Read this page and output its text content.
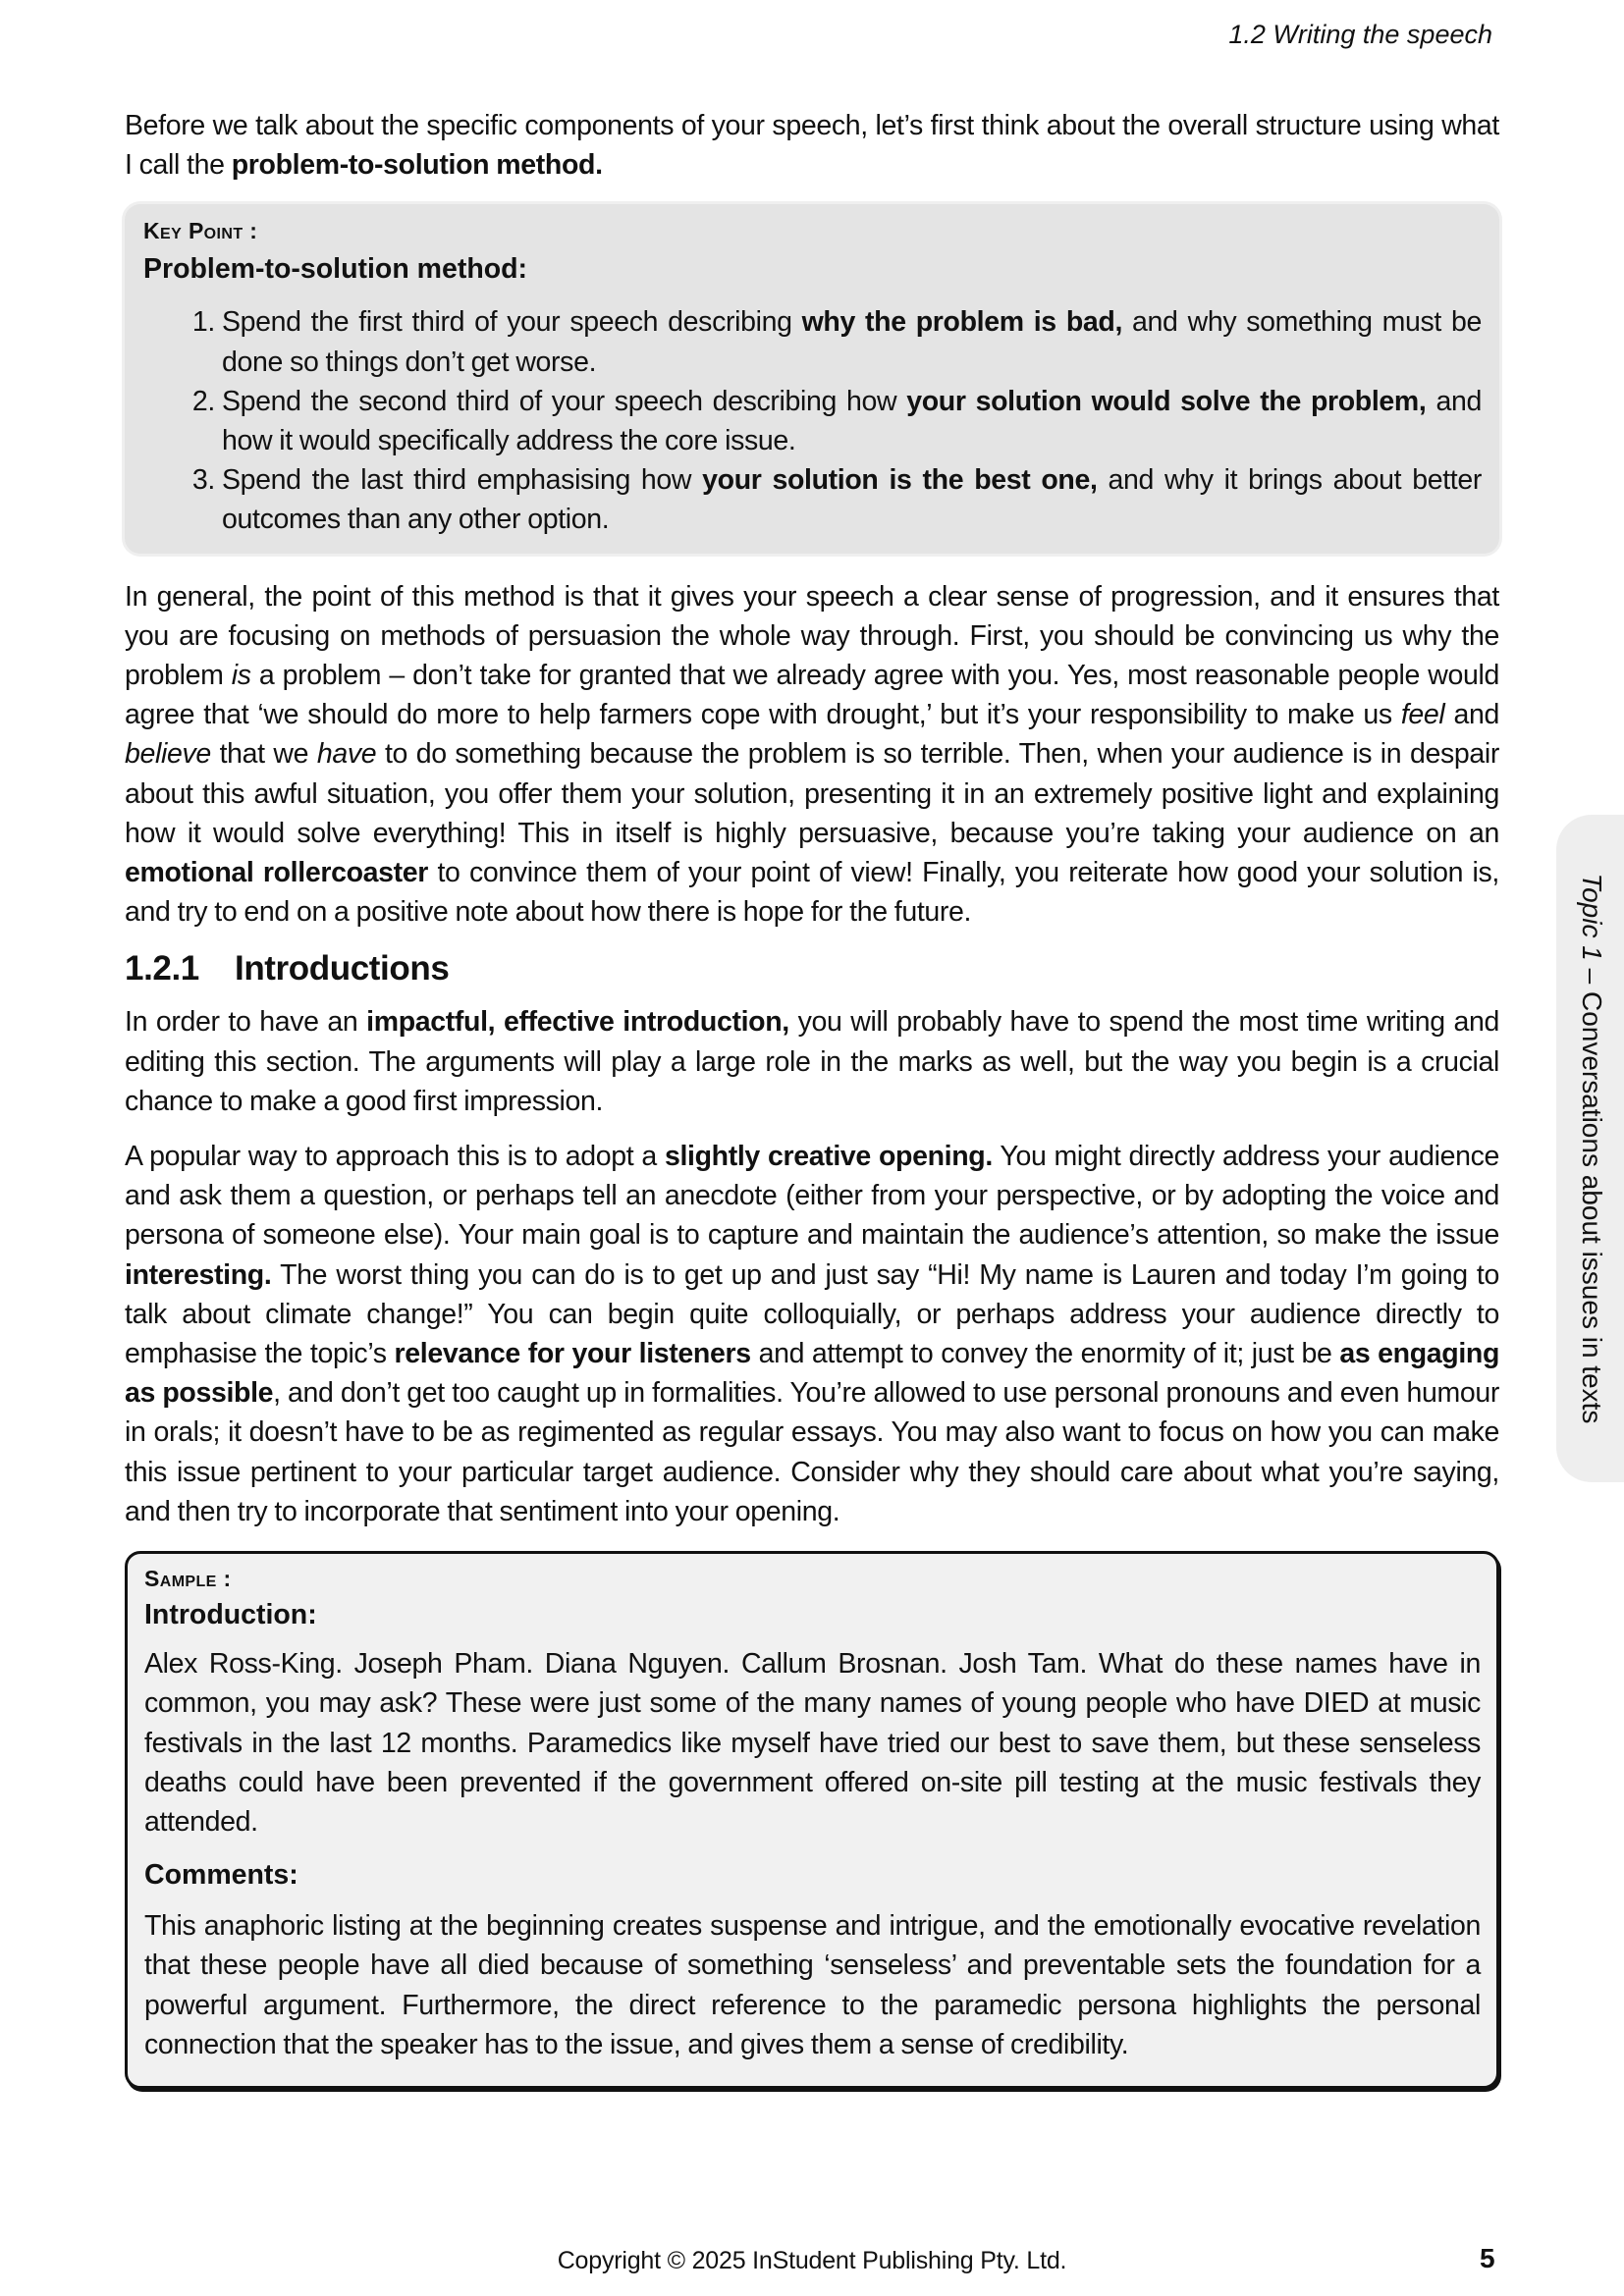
1.2 Writing the speech

Before we talk about the specific components of your speech, let’s first think about the overall structure using what I call the problem-to-solution method.

Key Point :
Problem-to-solution method:
1. Spend the first third of your speech describing why the problem is bad, and why something must be done so things don’t get worse.
2. Spend the second third of your speech describing how your solution would solve the problem, and how it would specifically address the core issue.
3. Spend the last third emphasising how your solution is the best one, and why it brings about better outcomes than any other option.

In general, the point of this method is that it gives your speech a clear sense of progression, and it ensures that you are focusing on methods of persuasion the whole way through. First, you should be convincing us why the problem is a problem – don’t take for granted that we already agree with you. Yes, most reasonable people would agree that ‘we should do more to help farmers cope with drought,’ but it’s your responsibility to make us feel and believe that we have to do something because the problem is so terrible. Then, when your audience is in despair about this awful situation, you offer them your solution, presenting it in an extremely positive light and explaining how it would solve everything! This in itself is highly persuasive, because you’re taking your audience on an emotional rollercoaster to convince them of your point of view! Finally, you reiterate how good your solution is, and try to end on a positive note about how there is hope for the future.

1.2.1 Introductions

In order to have an impactful, effective introduction, you will probably have to spend the most time writing and editing this section. The arguments will play a large role in the marks as well, but the way you begin is a crucial chance to make a good first impression.

A popular way to approach this is to adopt a slightly creative opening. You might directly address your audience and ask them a question, or perhaps tell an anecdote (either from your perspective, or by adopting the voice and persona of someone else). Your main goal is to capture and maintain the audience’s attention, so make the issue interesting. The worst thing you can do is to get up and just say “Hi! My name is Lauren and today I’m going to talk about climate change!” You can begin quite colloquially, or perhaps address your audience directly to emphasise the topic’s relevance for your listeners and attempt to convey the enormity of it; just be as engaging as possible, and don’t get too caught up in formalities. You’re allowed to use personal pronouns and even humour in orals; it doesn’t have to be as regimented as regular essays. You may also want to focus on how you can make this issue pertinent to your particular target audience. Consider why they should care about what you’re saying, and then try to incorporate that sentiment into your opening.

Sample :
Introduction:

Alex Ross-King. Joseph Pham. Diana Nguyen. Callum Brosnan. Josh Tam. What do these names have in common, you may ask? These were just some of the many names of young people who have DIED at music festivals in the last 12 months. Paramedics like myself have tried our best to save them, but these senseless deaths could have been prevented if the government offered on-site pill testing at the music festivals they attended.

Comments:

This anaphoric listing at the beginning creates suspense and intrigue, and the emotionally evocative revelation that these people have all died because of something ‘senseless’ and preventable sets the foundation for a powerful argument. Furthermore, the direct reference to the paramedic persona highlights the personal connection that the speaker has to the issue, and gives them a sense of credibility.

Topic 1 – Conversations about issues in texts
Copyright © 2025 InStudent Publishing Pty. Ltd.	5
